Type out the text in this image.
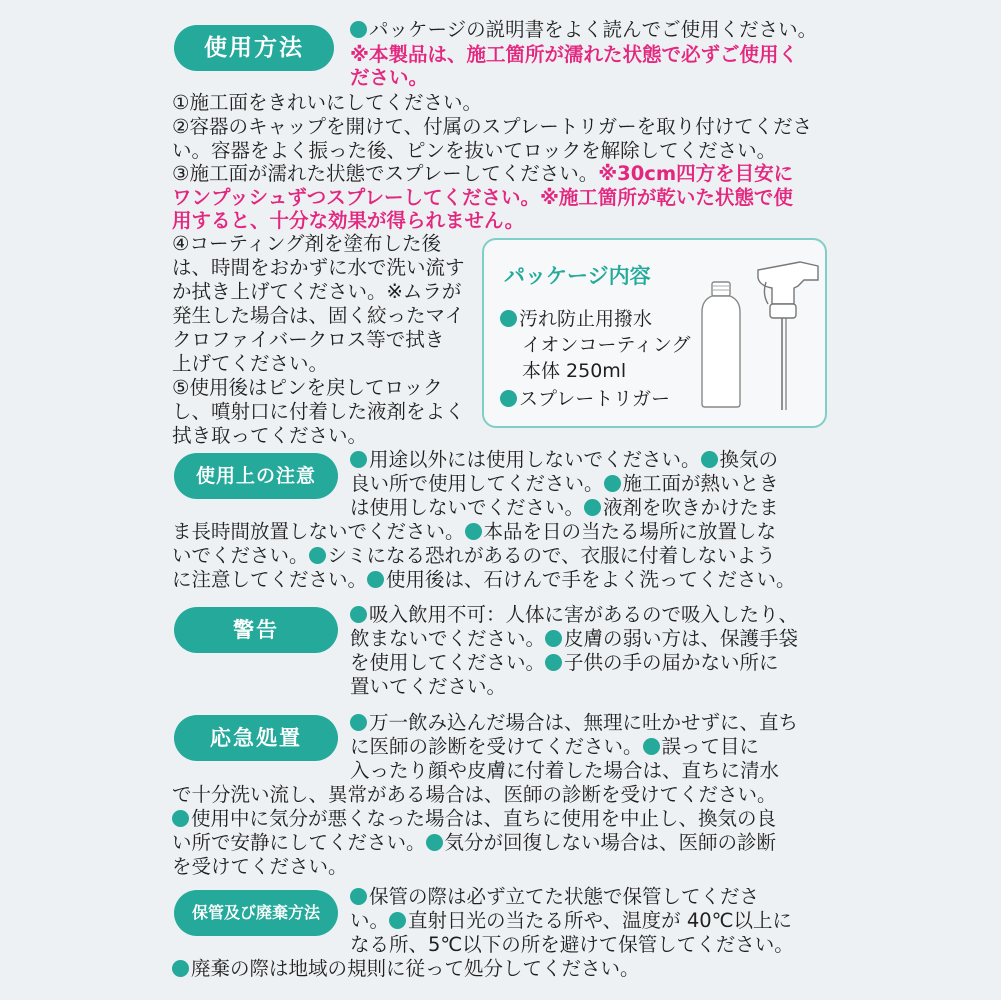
使用方法
パッケージの説明書をよく読んでご使用ください。
※本製品は、施工箇所が濡れた状態で必ずご使用く
ださい。
①施工面をきれいにしてください。
②容器のキャップを開けて、付属のスプレートリガーを取り付けてくださ
い。容器をよく振った後、ピンを抜いてロックを解除してください。
③施工面が濡れた状態でスプレーしてください。※30cm四方を目安に
ワンプッシュずつスプレーしてください。※施工箇所が乾いた状態で使
用すると、十分な効果が得られません。
④コーティング剤を塗布した後
は、時間をおかずに水で洗い流す
か拭き上げてください。※ムラが
発生した場合は、固く絞ったマイ
クロファイバークロス等で拭き
上げてください。
⑤使用後はピンを戻してロック
し、噴射口に付着した液剤をよく
拭き取ってください。
パッケージ内容
汚れ防止用撥水
イオンコーティング
本体 250ml
スプレートリガー
使用上の注意
用途以外には使用しないでください。 換気の
良い所で使用してください。 施工面が熱いとき
は使用しないでください。 液剤を吹きかけたま
ま長時間放置しないでください。 本品を日の当たる場所に放置しな
いでください。 シミになる恐れがあるので、衣服に付着しないよう
に注意してください。 使用後は、石けんで手をよく洗ってください。
警告
吸入飲用不可：人体に害があるので吸入したり、
飲まないでください。 皮膚の弱い方は、保護手袋
を使用してください。 子供の手の届かない所に
置いてください。
応急処置
万一飲み込んだ場合は、無理に吐かせずに、直ち
に医師の診断を受けてください。 誤って目に
入ったり顔や皮膚に付着した場合は、直ちに清水
で十分洗い流し、異常がある場合は、医師の診断を受けてください。
使用中に気分が悪くなった場合は、直ちに使用を中止し、換気の良
い所で安静にしてください。 気分が回復しない場合は、医師の診断
を受けてください。
保管及び廃棄方法
保管の際は必ず立てた状態で保管してくださ
い。 直射日光の当たる所や、温度が 40℃以上に
なる所、5℃以下の所を避けて保管してください。
廃棄の際は地域の規則に従って処分してください。
